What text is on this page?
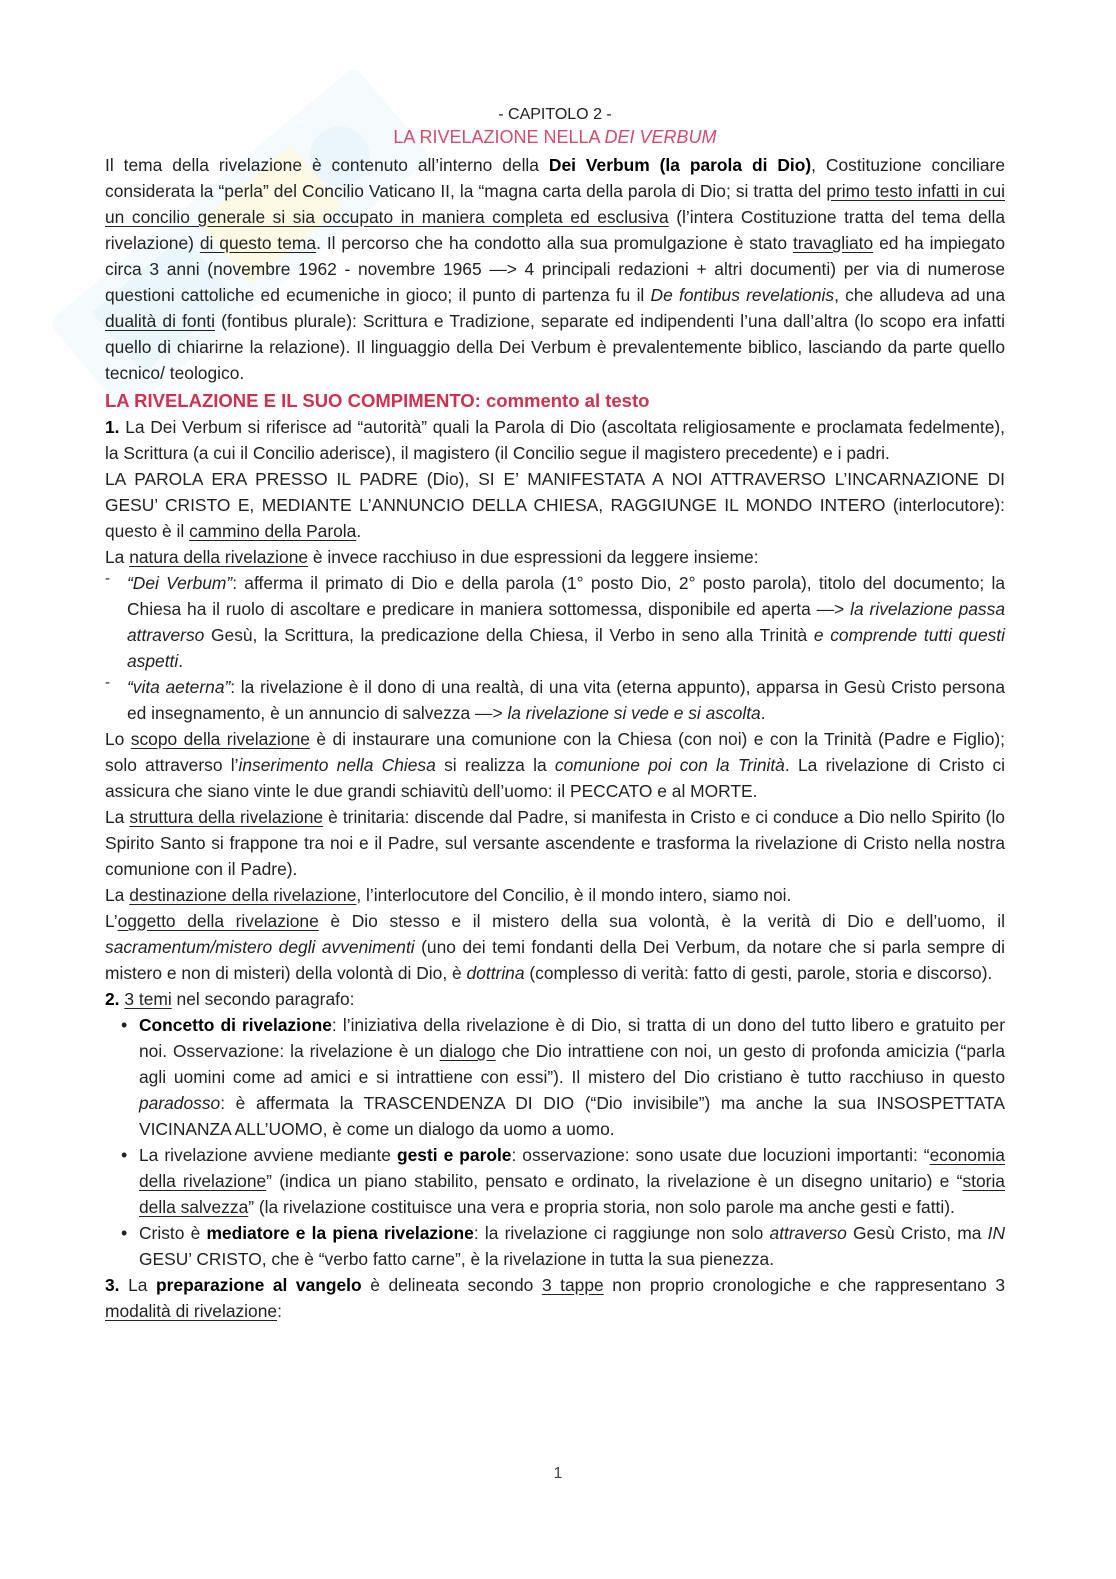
- CAPITOLO 2 -
LA RIVELAZIONE NELLA DEI VERBUM

Il tema della rivelazione è contenuto all’interno della Dei Verbum (la parola di Dio), Costituzione conciliare considerata la “perla” del Concilio Vaticano II, la “magna carta della parola di Dio; si tratta del primo testo infatti in cui un concilio generale si sia occupato in maniera completa ed esclusiva (l’intera Costituzione tratta del tema della rivelazione) di questo tema. Il percorso che ha condotto alla sua promulgazione è stato travagliato ed ha impiegato circa 3 anni (novembre 1962 - novembre 1965 —> 4 principali redazioni + altri documenti) per via di numerose questioni cattoliche ed ecumeniche in gioco; il punto di partenza fu il De fontibus revelationis, che alludeva ad una dualità di fonti (fontibus plurale): Scrittura e Tradizione, separate ed indipendenti l’una dall’altra (lo scopo era infatti quello di chiarirne la relazione). Il linguaggio della Dei Verbum è prevalentemente biblico, lasciando da parte quello tecnico/ teologico.

LA RIVELAZIONE E IL SUO COMPIMENTO: commento al testo

1. La Dei Verbum si riferisce ad “autorità” quali la Parola di Dio (ascoltata religiosamente e proclamata fedelmente), la Scrittura (a cui il Concilio aderisce), il magistero (il Concilio segue il magistero precedente) e i padri.

LA PAROLA ERA PRESSO IL PADRE (Dio), SI E’ MANIFESTATA A NOI ATTRAVERSO L’INCARNAZIONE DI GESU’ CRISTO E, MEDIANTE L’ANNUNCIO DELLA CHIESA, RAGGIUNGE IL MONDO INTERO (interlocutore): questo è il cammino della Parola.

La natura della rivelazione è invece racchiuso in due espressioni da leggere insieme:

- “Dei Verbum”: afferma il primato di Dio e della parola (1° posto Dio, 2° posto parola), titolo del documento; la Chiesa ha il ruolo di ascoltare e predicare in maniera sottomessa, disponibile ed aperta —> la rivelazione passa attraverso Gesù, la Scrittura, la predicazione della Chiesa, il Verbo in seno alla Trinità e comprende tutti questi aspetti.
- “vita aeterna”: la rivelazione è il dono di una realtà, di una vita (eterna appunto), apparsa in Gesù Cristo persona ed insegnamento, è un annuncio di salvezza —> la rivelazione si vede e si ascolta.

Lo scopo della rivelazione è di instaurare una comunione con la Chiesa (con noi) e con la Trinità (Padre e Figlio); solo attraverso l’inserimento nella Chiesa si realizza la comunione poi con la Trinità. La rivelazione di Cristo ci assicura che siano vinte le due grandi schiavitù dell’uomo: il PECCATO e al MORTE.

La struttura della rivelazione è trinitaria: discende dal Padre, si manifesta in Cristo e ci conduce a Dio nello Spirito (lo Spirito Santo si frappone tra noi e il Padre, sul versante ascendente e trasforma la rivelazione di Cristo nella nostra comunione con il Padre).

La destinazione della rivelazione, l’interlocutore del Concilio, è il mondo intero, siamo noi.

L’oggetto della rivelazione è Dio stesso e il mistero della sua volontà, è la verità di Dio e dell’uomo, il sacramentum/mistero degli avvenimenti (uno dei temi fondanti della Dei Verbum, da notare che si parla sempre di mistero e non di misteri) della volontà di Dio, è dottrina (complesso di verità: fatto di gesti, parole, storia e discorso).

2. 3 temi nel secondo paragrafo:

• Concetto di rivelazione: l’iniziativa della rivelazione è di Dio, si tratta di un dono del tutto libero e gratuito per noi. Osservazione: la rivelazione è un dialogo che Dio intrattiene con noi, un gesto di profonda amicizia (“parla agli uomini come ad amici e si intrattiene con essi”). Il mistero del Dio cristiano è tutto racchiuso in questo paradosso: è affermata la TRASCENDENZA DI DIO (“Dio invisibile”) ma anche la sua INSOSPETTATA VICINANZA ALL’UOMO, è come un dialogo da uomo a uomo.
• La rivelazione avviene mediante gesti e parole: osservazione: sono usate due locuzioni importanti: “economia della rivelazione” (indica un piano stabilito, pensato e ordinato, la rivelazione è un disegno unitario) e “storia della salvezza” (la rivelazione costituisce una vera e propria storia, non solo parole ma anche gesti e fatti).
• Cristo è mediatore e la piena rivelazione: la rivelazione ci raggiunge non solo attraverso Gesù Cristo, ma IN GESU’ CRISTO, che è “verbo fatto carne”, è la rivelazione in tutta la sua pienezza.

3. La preparazione al vangelo è delineata secondo 3 tappe non proprio cronologiche e che rappresentano 3 modalità di rivelazione:

1
